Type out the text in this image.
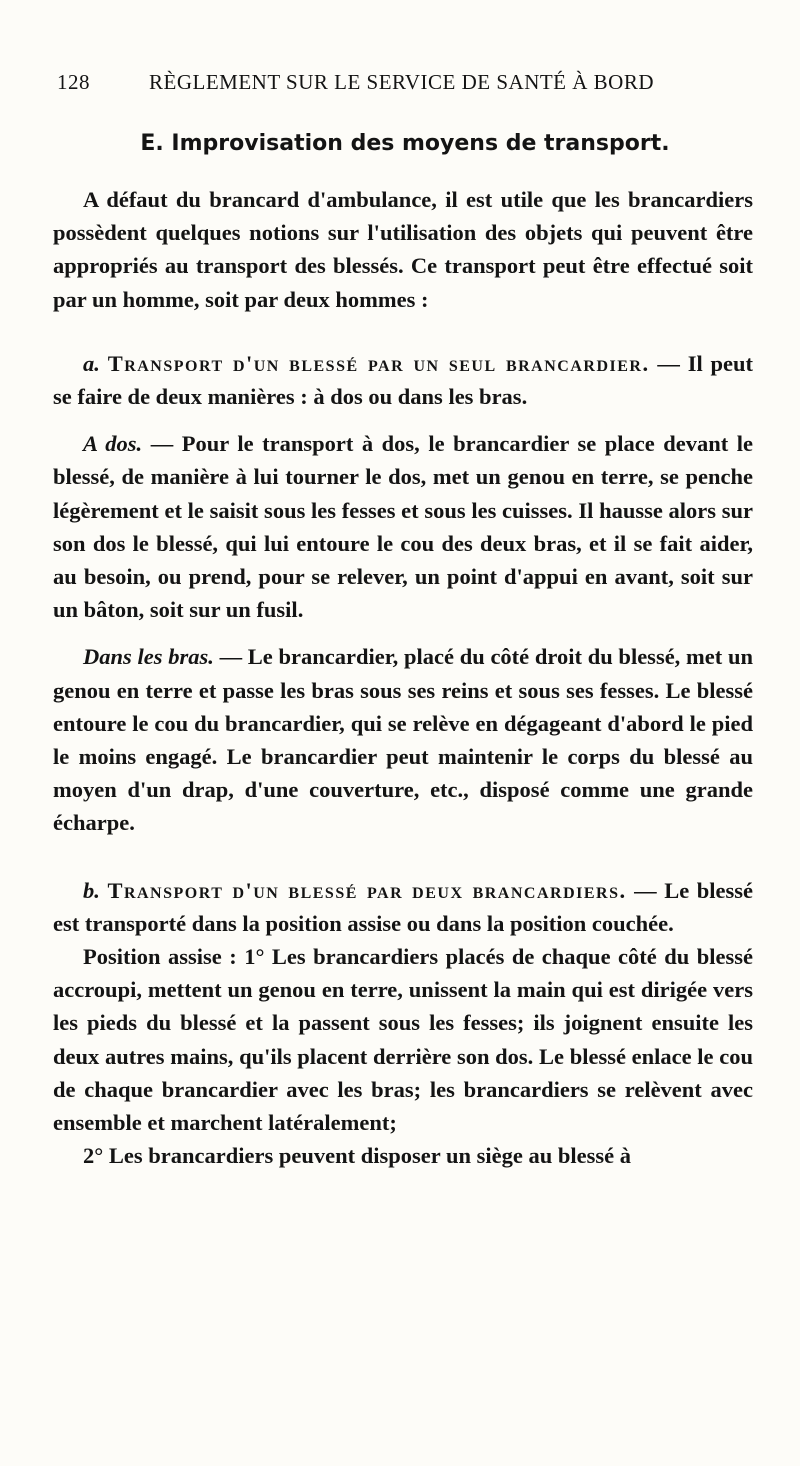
128	RÈGLEMENT SUR LE SERVICE DE SANTÉ À BORD
E. Improvisation des moyens de transport.

A défaut du brancard d'ambulance, il est utile que les brancardiers possèdent quelques notions sur l'utilisation des objets qui peuvent être appropriés au transport des blessés. Ce transport peut être effectué soit par un homme, soit par deux hommes :

a. Transport d'un blessé par un seul brancardier. — Il peut se faire de deux manières : à dos ou dans les bras.

A dos. — Pour le transport à dos, le brancardier se place devant le blessé, de manière à lui tourner le dos, met un genou en terre, se penche légèrement et le saisit sous les fesses et sous les cuisses. Il hausse alors sur son dos le blessé, qui lui entoure le cou des deux bras, et il se fait aider, au besoin, ou prend, pour se relever, un point d'appui en avant, soit sur un bâton, soit sur un fusil.

Dans les bras. — Le brancardier, placé du côté droit du blessé, met un genou en terre et passe les bras sous ses reins et sous ses fesses. Le blessé entoure le cou du brancardier, qui se relève en dégageant d'abord le pied le moins engagé. Le brancardier peut maintenir le corps du blessé au moyen d'un drap, d'une couverture, etc., disposé comme une grande écharpe.

b. Transport d'un blessé par deux brancardiers. — Le blessé est transporté dans la position assise ou dans la position couchée.

Position assise : 1° Les brancardiers placés de chaque côté du blessé accroupi, mettent un genou en terre, unissent la main qui est dirigée vers les pieds du blessé et la passent sous les fesses; ils joignent ensuite les deux autres mains, qu'ils placent derrière son dos. Le blessé enlace le cou de chaque brancardier avec les bras; les brancardiers se relèvent avec ensemble et marchent latéralement;

2° Les brancardiers peuvent disposer un siège au blessé à
